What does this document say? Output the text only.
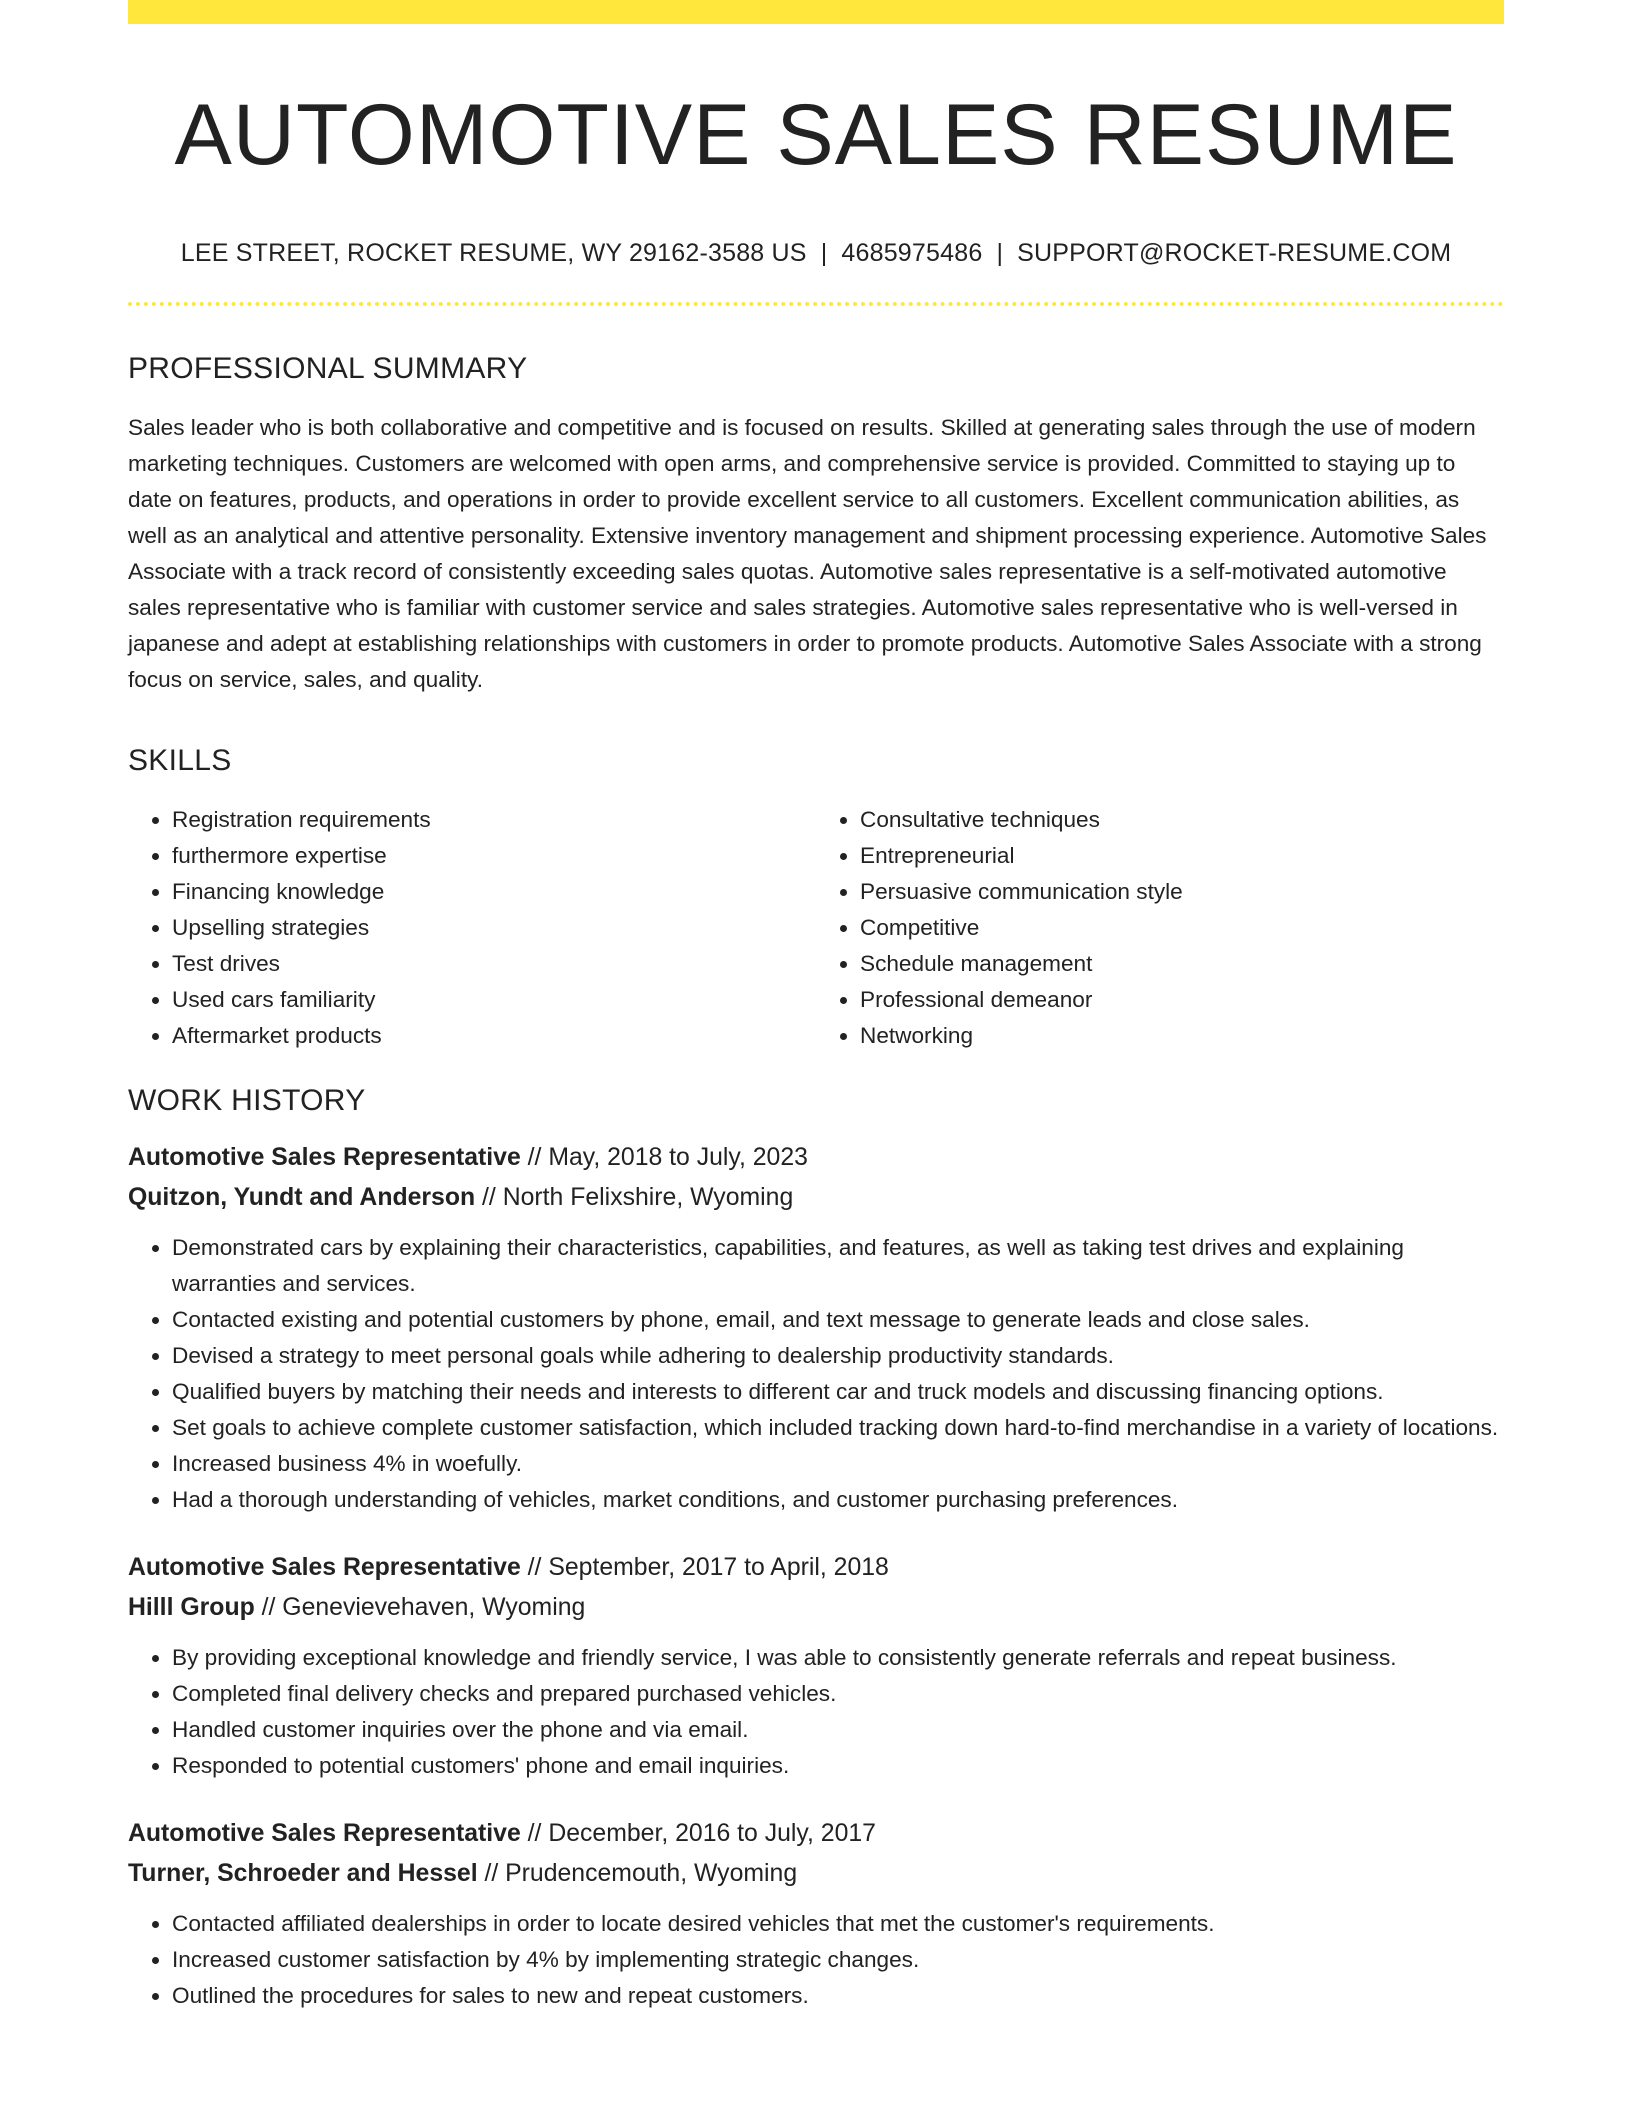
AUTOMOTIVE SALES RESUME
LEE STREET, ROCKET RESUME, WY 29162-3588 US | 4685975486 | SUPPORT@ROCKET-RESUME.COM
PROFESSIONAL SUMMARY

Sales leader who is both collaborative and competitive and is focused on results. Skilled at generating sales through the use of modern marketing techniques. Customers are welcomed with open arms, and comprehensive service is provided. Committed to staying up to date on features, products, and operations in order to provide excellent service to all customers. Excellent communication abilities, as well as an analytical and attentive personality. Extensive inventory management and shipment processing experience. Automotive Sales Associate with a track record of consistently exceeding sales quotas. Automotive sales representative is a self-motivated automotive sales representative who is familiar with customer service and sales strategies. Automotive sales representative who is well-versed in japanese and adept at establishing relationships with customers in order to promote products. Automotive Sales Associate with a strong focus on service, sales, and quality.

SKILLS
• Registration requirements
• furthermore expertise
• Financing knowledge
• Upselling strategies
• Test drives
• Used cars familiarity
• Aftermarket products
• Consultative techniques
• Entrepreneurial
• Persuasive communication style
• Competitive
• Schedule management
• Professional demeanor
• Networking
WORK HISTORY
Automotive Sales Representative // May, 2018 to July, 2023
Quitzon, Yundt and Anderson // North Felixshire, Wyoming
• Demonstrated cars by explaining their characteristics, capabilities, and features, as well as taking test drives and explaining warranties and services.
• Contacted existing and potential customers by phone, email, and text message to generate leads and close sales.
• Devised a strategy to meet personal goals while adhering to dealership productivity standards.
• Qualified buyers by matching their needs and interests to different car and truck models and discussing financing options.
• Set goals to achieve complete customer satisfaction, which included tracking down hard-to-find merchandise in a variety of locations.
• Increased business 4% in woefully.
• Had a thorough understanding of vehicles, market conditions, and customer purchasing preferences.
Automotive Sales Representative // September, 2017 to April, 2018
Hilll Group // Genevievehaven, Wyoming
• By providing exceptional knowledge and friendly service, I was able to consistently generate referrals and repeat business.
• Completed final delivery checks and prepared purchased vehicles.
• Handled customer inquiries over the phone and via email.
• Responded to potential customers' phone and email inquiries.
Automotive Sales Representative // December, 2016 to July, 2017
Turner, Schroeder and Hessel // Prudencemouth, Wyoming
• Contacted affiliated dealerships in order to locate desired vehicles that met the customer's requirements.
• Increased customer satisfaction by 4% by implementing strategic changes.
• Outlined the procedures for sales to new and repeat customers.
